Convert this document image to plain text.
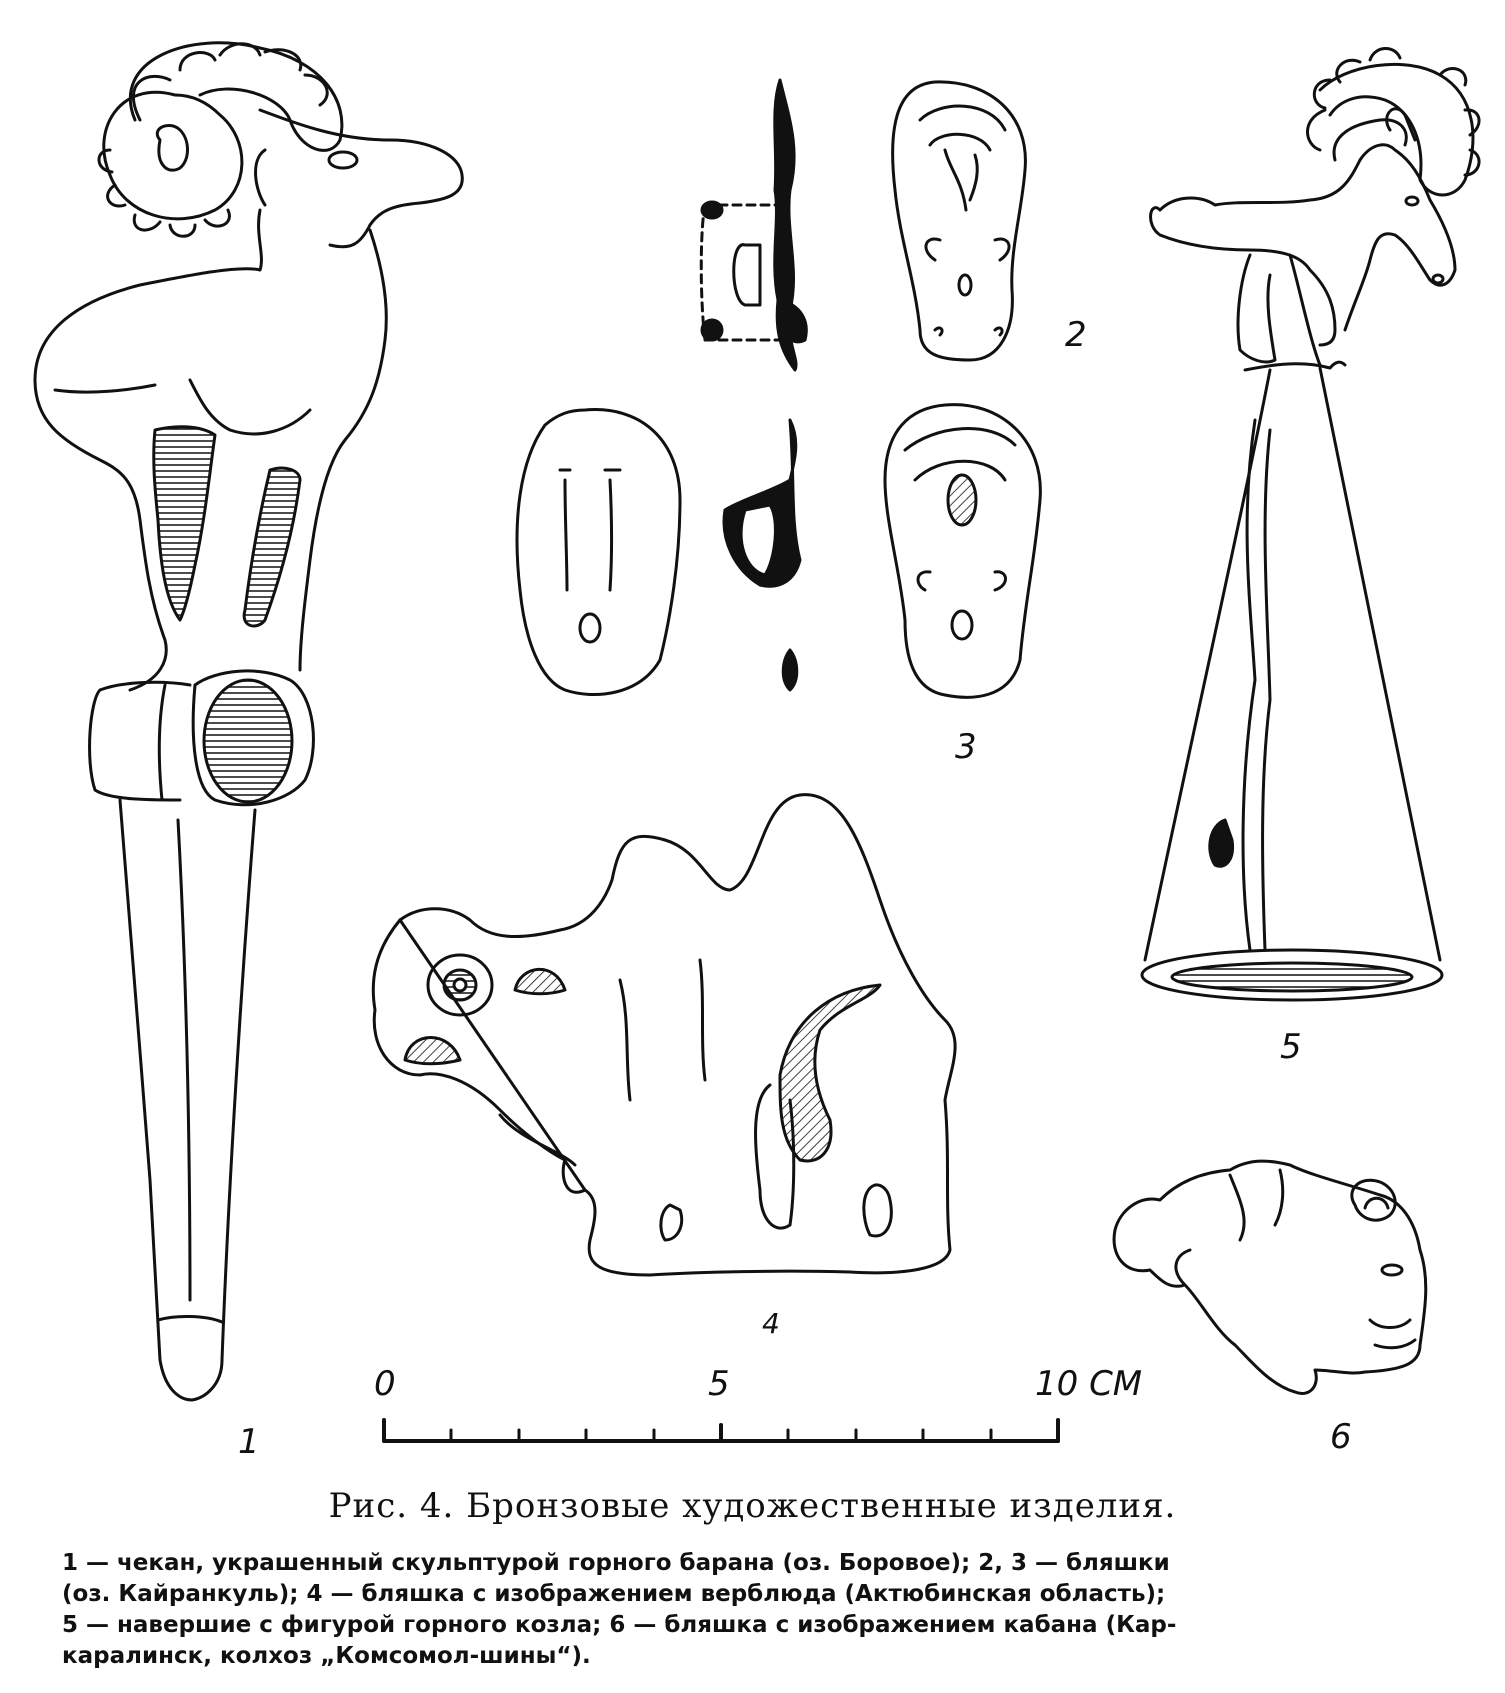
1
2
3
4
5
6
0	5	10 СМ
Рис. 4. Бронзовые художественные изделия.

1 — чекан, украшенный скульптурой горного барана (оз. Боровое); 2, 3 — бляшки

(оз. Кайранкуль); 4 — бляшка с изображением верблюда (Актюбинская область);

5 — навершие с фигурой горного козла; 6 — бляшка с изображением кабана (Кар-

каралинск, колхоз „Комсомол-шины“).
